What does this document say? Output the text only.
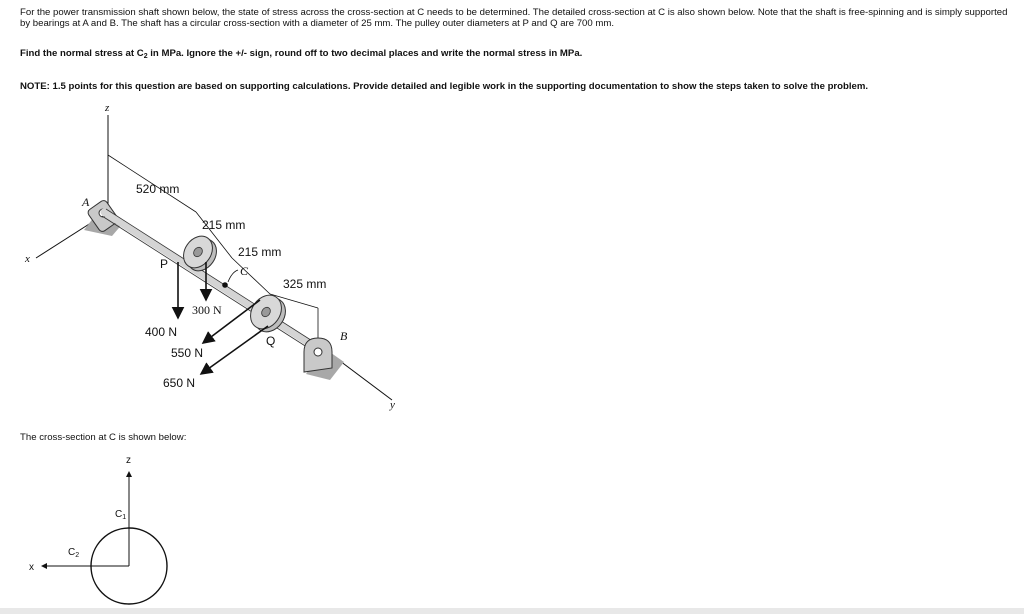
For the power transmission shaft shown below, the state of stress across the cross-section at C needs to be determined. The detailed cross-section at C is also shown below. Note that the shaft is free-spinning and is simply supported by bearings at A and B. The shaft has a circular cross-section with a diameter of 25 mm. The pulley outer diameters at P and Q are 700 mm.

Find the normal stress at $C_2$ in MPa. Ignore the +/- sign, round off to two decimal places and write the normal stress in MPa.

NOTE: 1.5 points for this question are based on supporting calculations. Provide detailed and legible work in the supporting documentation to show the steps taken to solve the problem.

z
x
y
520 mm
215 mm
215 mm
325 mm
A
P	C
Q	B
300 N
400 N
550 N
650 N

The cross-section at C is shown below:

z
x
$C_1$
$C_2$
